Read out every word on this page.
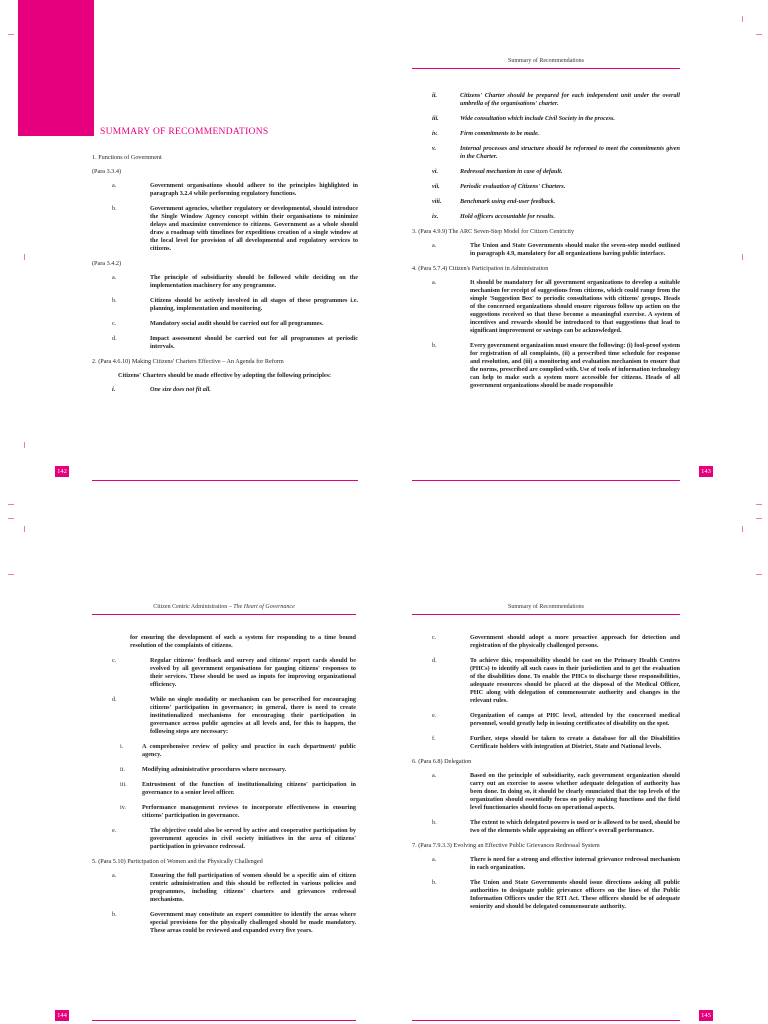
SUMMARY OF RECOMMENDATIONS
1. Functions of Government
(Para 3.3.4)
a.	Government organisations should adhere to the principles highlighted in paragraph 3.2.4 while performing regulatory functions.
b.	Government agencies, whether regulatory or developmental, should introduce the Single Window Agency concept within their organisations to minimize delays and maximize convenience to citizens. Government as a whole should draw a roadmap with timelines for expeditious creation of a single window at the local level for provision of all developmental and regulatory services to citizens.
(Para 3.4.2)
a.	The principle of subsidiarity should be followed while deciding on the implementation machinery for any programme.
b.	Citizens should be actively involved in all stages of these programmes i.e. planning, implementation and monitoring.
c.	Mandatory social audit should be carried out for all programmes.
d.	Impact assessment should be carried out for all programmes at periodic intervals.
2. (Para 4.6.10) Making Citizens' Charters Effective – An Agenda for Reform
Citizens' Charters should be made effective by adopting the following principles:
i.	One size does not fit all.
142
Summary of Recommendations
ii.	Citizens' Charter should be prepared for each independent unit under the overall umbrella of the organisations' charter.
iii.	Wide consultation which include Civil Society in the process.
iv.	Firm commitments to be made.
v.	Internal processes and structure should be reformed to meet the commitments given in the Charter.
vi.	Redressal mechanism in case of default.
vii.	Periodic evaluation of Citizens' Charters.
viii.	Benchmark using end-user feedback.
ix.	Hold officers accountable for results.
3. (Para 4.9.9) The ARC Seven-Step Model for Citizen Centricity
a.	The Union and State Governments should make the seven-step model outlined in paragraph 4.9, mandatory for all organizations having public interface.
4. (Para 5.7.4) Citizen's Participation in Administration
a.	It should be mandatory for all government organizations to develop a suitable mechanism for receipt of suggestions from citizens, which could range from the simple 'Suggestion Box' to periodic consultations with citizens' groups. Heads of the concerned organizations should ensure rigorous follow up action on the suggestions received so that these become a meaningful exercise. A system of incentives and rewards should be introduced to that suggestions that lead to significant improvement or savings can be acknowledged.
b.	Every government organization must ensure the following: (i) fool-proof system for registration of all complaints, (ii) a prescribed time schedule for response and resolution, and (iii) a monitoring and evaluation mechanism to ensure that the norms, prescribed are complied with. Use of tools of information technology can help to make such a system more accessible for citizens. Heads of all government organizations should be made responsible
143
Citizen Centric Administration – The Heart of Governance
for ensuring the development of such a system for responding to a time bound resolution of the complaints of citizens.
c.	Regular citizens' feedback and survey and citizens' report cards should be evolved by all government organisations for gauging citizens' responses to their services. These should be used as inputs for improving organizational efficiency.
d.	While no single modality or mechanism can be prescribed for encouraging citizens' participation in governance; in general, there is need to create institutionalized mechanisms for encouraging their participation in governance across public agencies at all levels and, for this to happen, the following steps are necessary:
i.	A comprehensive review of policy and practice in each department/ public agency.
ii.	Modifying administrative procedures where necessary.
iii.	Entrustment of the function of institutionalizing citizens' participation in governance to a senior level officer.
iv.	Performance management reviews to incorporate effectiveness in ensuring citizens' participation in governance.
e.	The objective could also be served by active and cooperative participation by government agencies in civil society initiatives in the area of citizens' participation in grievance redressal.
5. (Para 5.10) Participation of Women and the Physically Challenged
a.	Ensuring the full participation of women should be a specific aim of citizen centric administration and this should be reflected in various policies and programmes, including citizens' charters and grievances redressal mechanisms.
b.	Government may constitute an expert committee to identify the areas where special provisions for the physically challenged should be made mandatory. These areas could be reviewed and expanded every five years.
144
Summary of Recommendations
c.	Government should adopt a more proactive approach for detection and registration of the physically challenged persons.
d.	To achieve this, responsibility should be cast on the Primary Health Centres (PHCs) to identify all such cases in their jurisdiction and to get the evaluation of the disabilities done. To enable the PHCs to discharge these responsibilities, adequate resources should be placed at the disposal of the Medical Officer, PHC along with delegation of commensurate authority and changes in the relevant rules.
e.	Organization of camps at PHC level, attended by the concerned medical personnel, would greatly help in issuing certificates of disability on the spot.
f.	Further, steps should be taken to create a database for all the Disabilities Certificate holders with integration at District, State and National levels.
6. (Para 6.8) Delegation
a.	Based on the principle of subsidiarity, each government organization should carry out an exercise to assess whether adequate delegation of authority has been done. In doing so, it should be clearly enunciated that the top levels of the organization should essentially focus on policy making functions and the field level functionaries should focus on operational aspects.
b.	The extent to which delegated powers is used or is allowed to be used, should be two of the elements while appraising an officer's overall performance.
7. (Para 7.9.3.3) Evolving an Effective Public Grievances Redressal System
a.	There is need for a strong and effective internal grievance redressal mechanism in each organization.
b.	The Union and State Governments should issue directions asking all public authorities to designate public grievance officers on the lines of the Public Information Officers under the RTI Act. These officers should be of adequate seniority and should be delegated commensurate authority.
145
